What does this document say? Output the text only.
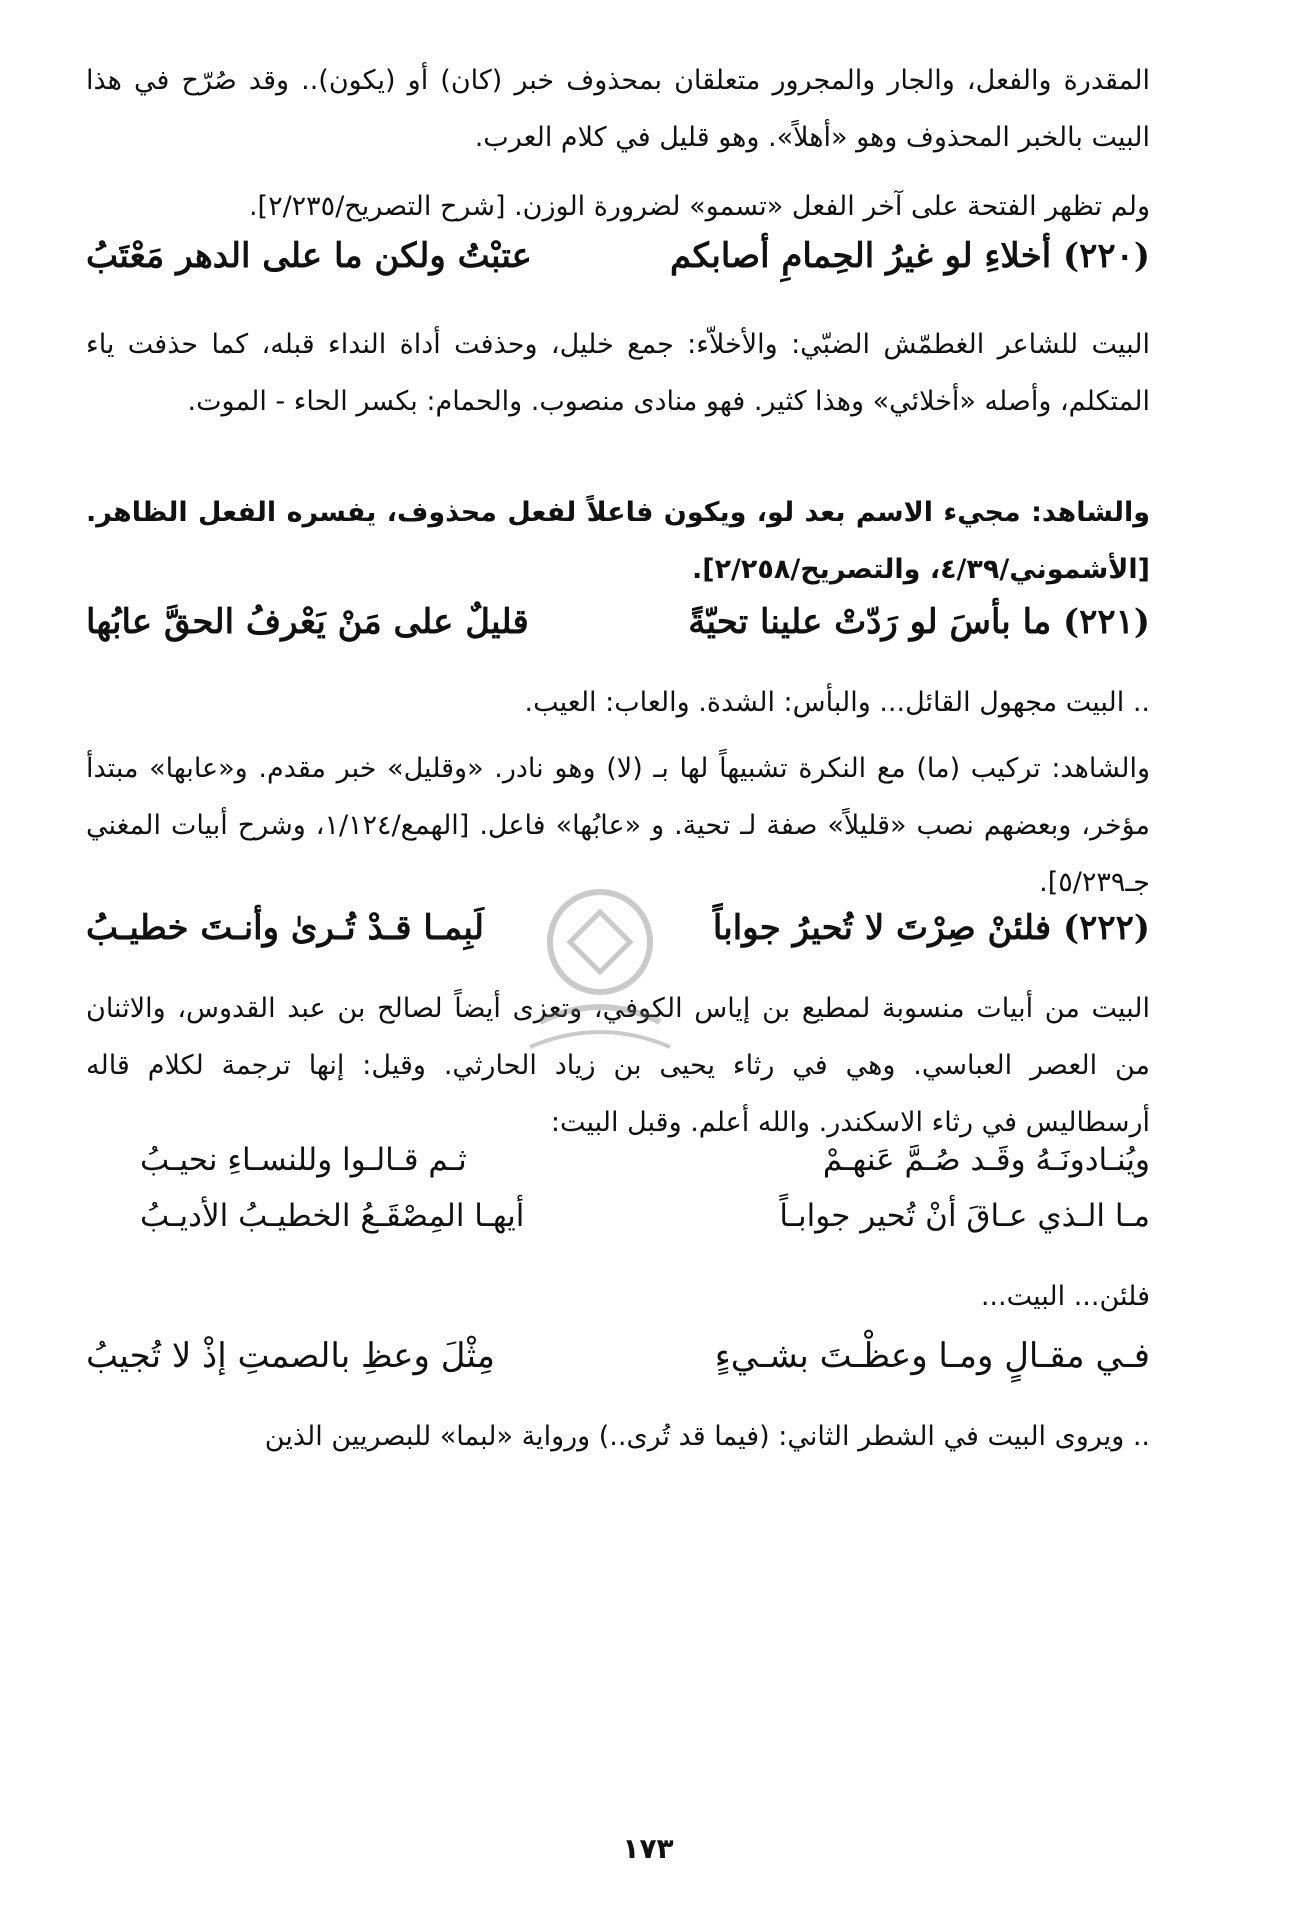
المقدرة والفعل، والجار والمجرور متعلقان بمحذوف خبر (كان) أو (يكون).. وقد صُرّح في هذا البيت بالخبر المحذوف وهو «أهلاً». وهو قليل في كلام العرب.

ولم تظهر الفتحة على آخر الفعل «تسمو» لضرورة الوزن. [شرح التصريح/٢/٢٣٥].

(٢٢٠) أخلاءِ لو غيرُ الحِمامِ أصابكم
عتبْتُ ولكن ما على الدهر مَعْتَبُ

البيت للشاعر الغطمّش الضبّي: والأخلاّء: جمع خليل، وحذفت أداة النداء قبله، كما حذفت ياء المتكلم، وأصله «أخلائي» وهذا كثير. فهو منادى منصوب. والحمام: بكسر الحاء - الموت.

والشاهد: مجيء الاسم بعد لو، ويكون فاعلاً لفعل محذوف، يفسره الفعل الظاهر. [الأشموني/٤/٣٩، والتصريح/٢/٢٥٨].

(٢٢١) ما بأسَ لو رَدّتْ علينا تحيّةً
قليلٌ على مَنْ يَعْرفُ الحقَّ عابُها

.. البيت مجهول القائل... والبأس: الشدة. والعاب: العيب.

والشاهد: تركيب (ما) مع النكرة تشبيهاً لها بـ (لا) وهو نادر. «وقليل» خبر مقدم. و«عابها» مبتدأ مؤخر، وبعضهم نصب «قليلاً» صفة لـ تحية. و «عابُها» فاعل. [الهمع/١/١٢٤، وشرح أبيات المغني جـ٥/٢٣٩].

(٢٢٢) فلئنْ صِرْتَ لا تُحيرُ جواباً
لَبِمـا قـدْ تُـرىٰ وأنـتَ خطيـبُ

البيت من أبيات منسوبة لمطيع بن إياس الكوفي، وتعزى أيضاً لصالح بن عبد القدوس، والاثنان من العصر العباسي. وهي في رثاء يحيى بن زياد الحارثي. وقيل: إنها ترجمة لكلام قاله أرسطاليس في رثاء الاسكندر. والله أعلم. وقبل البيت:

ويُنـادونَـهُ وقَـد صُـمَّ عَنهـمْ
ثـم قـالـوا وللنسـاءِ نحيـبُ
مـا الـذي عـاقَ أنْ تُحير جوابـاً
أيهـا المِصْقَـعُ الخطيـبُ الأديـبُ

فلئن... البيت...

فـي مقـالٍ ومـا وعظْـتَ بشـيءٍ
مِثْلَ وعظِ بالصمتِ إذْ لا تُجيبُ

.. ويروى البيت في الشطر الثاني: (فيما قد تُرى..) ورواية «لبما» للبصريين الذين

١٧٣
